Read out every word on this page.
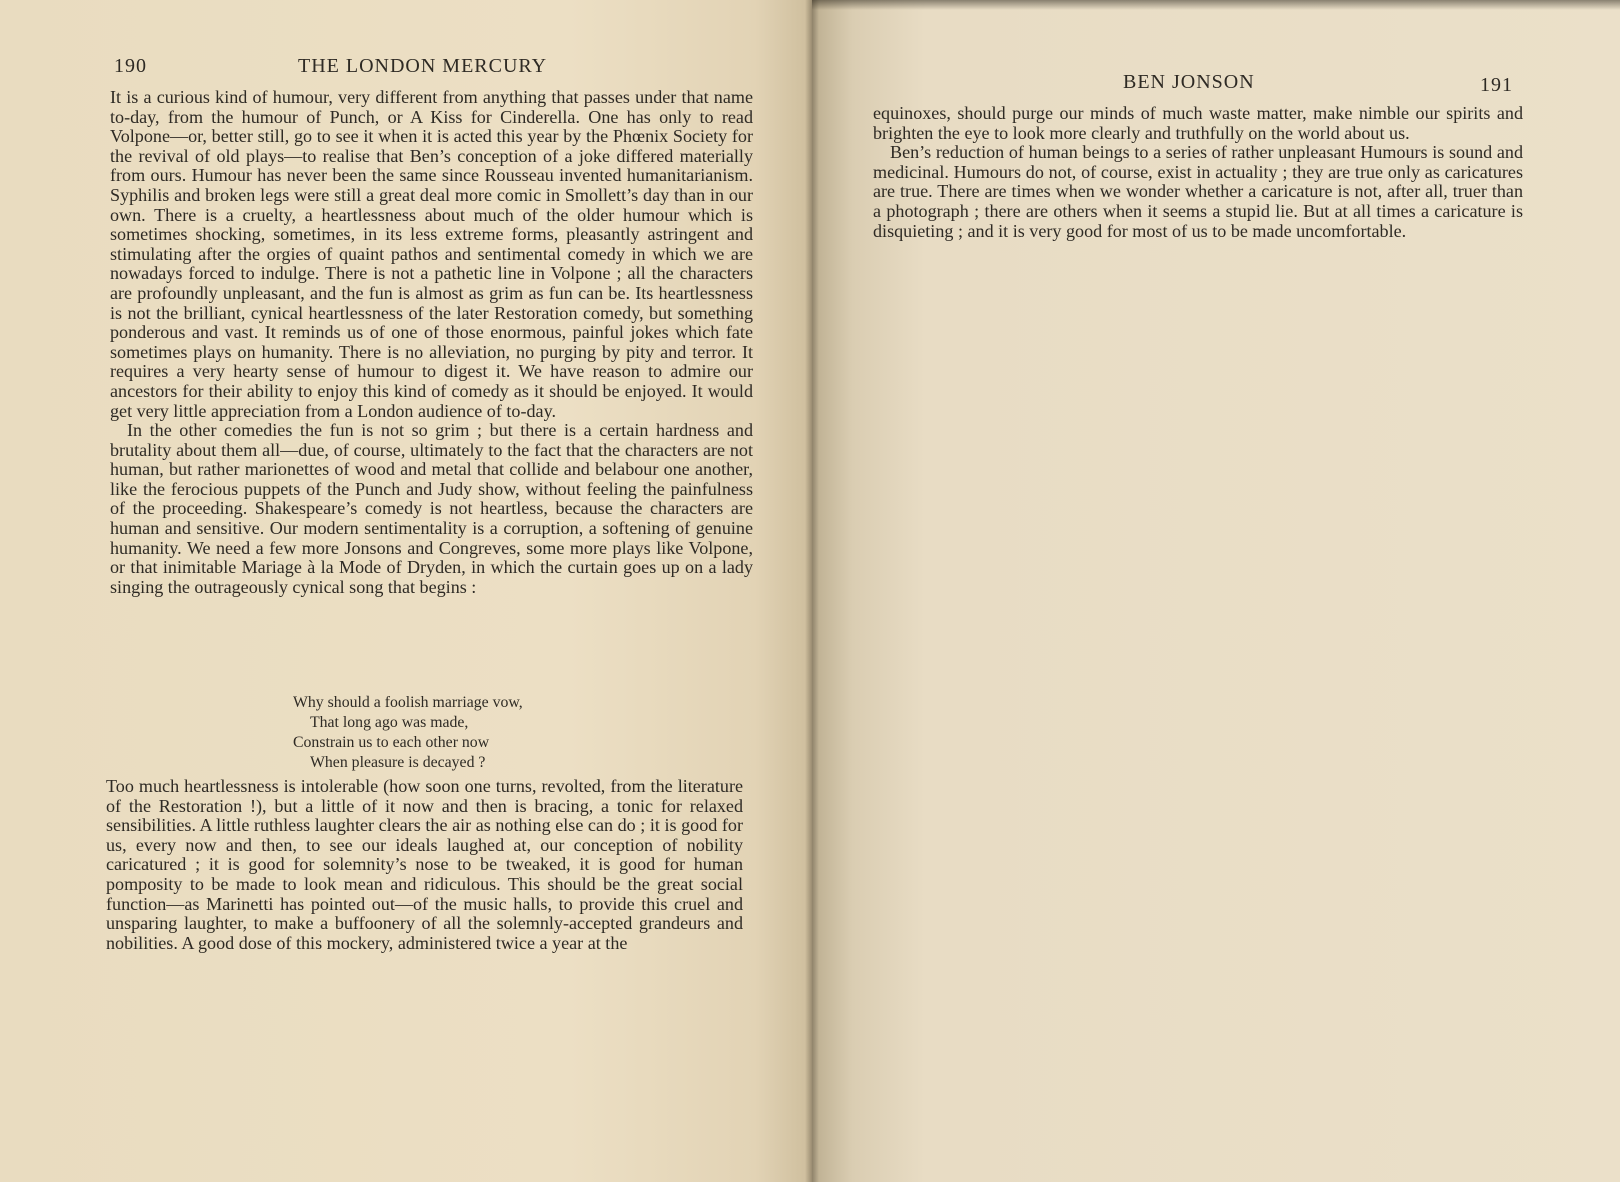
190	THE LONDON MERCURY

It is a curious kind of humour, very different from anything that passes under that name to-day, from the humour of Punch, or A Kiss for Cinderella. One has only to read Volpone—or, better still, go to see it when it is acted this year by the Phœnix Society for the revival of old plays—to realise that Ben’s conception of a joke differed materially from ours. Humour has never been the same since Rousseau invented humanitarianism. Syphilis and broken legs were still a great deal more comic in Smollett’s day than in our own. There is a cruelty, a heartlessness about much of the older humour which is sometimes shocking, sometimes, in its less extreme forms, pleasantly astringent and stimulating after the orgies of quaint pathos and sentimental comedy in which we are nowadays forced to indulge. There is not a pathetic line in Volpone ; all the characters are profoundly unpleasant, and the fun is almost as grim as fun can be. Its heartlessness is not the brilliant, cynical heartlessness of the later Restoration comedy, but something ponderous and vast. It reminds us of one of those enormous, painful jokes which fate sometimes plays on humanity. There is no alleviation, no purging by pity and terror. It requires a very hearty sense of humour to digest it. We have reason to admire our ancestors for their ability to enjoy this kind of comedy as it should be enjoyed. It would get very little appreciation from a London audience of to-day.

In the other comedies the fun is not so grim ; but there is a certain hardness and brutality about them all—due, of course, ultimately to the fact that the characters are not human, but rather marionettes of wood and metal that collide and belabour one another, like the ferocious puppets of the Punch and Judy show, without feeling the painfulness of the proceeding. Shakespeare’s comedy is not heartless, because the characters are human and sensitive. Our modern sentimentality is a corruption, a softening of genuine humanity. We need a few more Jonsons and Congreves, some more plays like Volpone, or that inimitable Mariage à la Mode of Dryden, in which the curtain goes up on a lady singing the outrageously cynical song that begins :

Why should a foolish marriage vow,
That long ago was made,
Constrain us to each other now
When pleasure is decayed ?

Too much heartlessness is intolerable (how soon one turns, revolted, from the literature of the Restoration !), but a little of it now and then is bracing, a tonic for relaxed sensibilities. A little ruthless laughter clears the air as nothing else can do ; it is good for us, every now and then, to see our ideals laughed at, our conception of nobility caricatured ; it is good for solemnity’s nose to be tweaked, it is good for human pomposity to be made to look mean and ridiculous. This should be the great social function—as Marinetti has pointed out—of the music halls, to provide this cruel and unsparing laughter, to make a buffoonery of all the solemnly-accepted grandeurs and nobilities. A good dose of this mockery, administered twice a year at the

BEN JONSON	191

equinoxes, should purge our minds of much waste matter, make nimble our spirits and brighten the eye to look more clearly and truthfully on the world about us.

Ben’s reduction of human beings to a series of rather unpleasant Humours is sound and medicinal. Humours do not, of course, exist in actuality ; they are true only as caricatures are true. There are times when we wonder whether a caricature is not, after all, truer than a photograph ; there are others when it seems a stupid lie. But at all times a caricature is disquieting ; and it is very good for most of us to be made uncomfortable.
